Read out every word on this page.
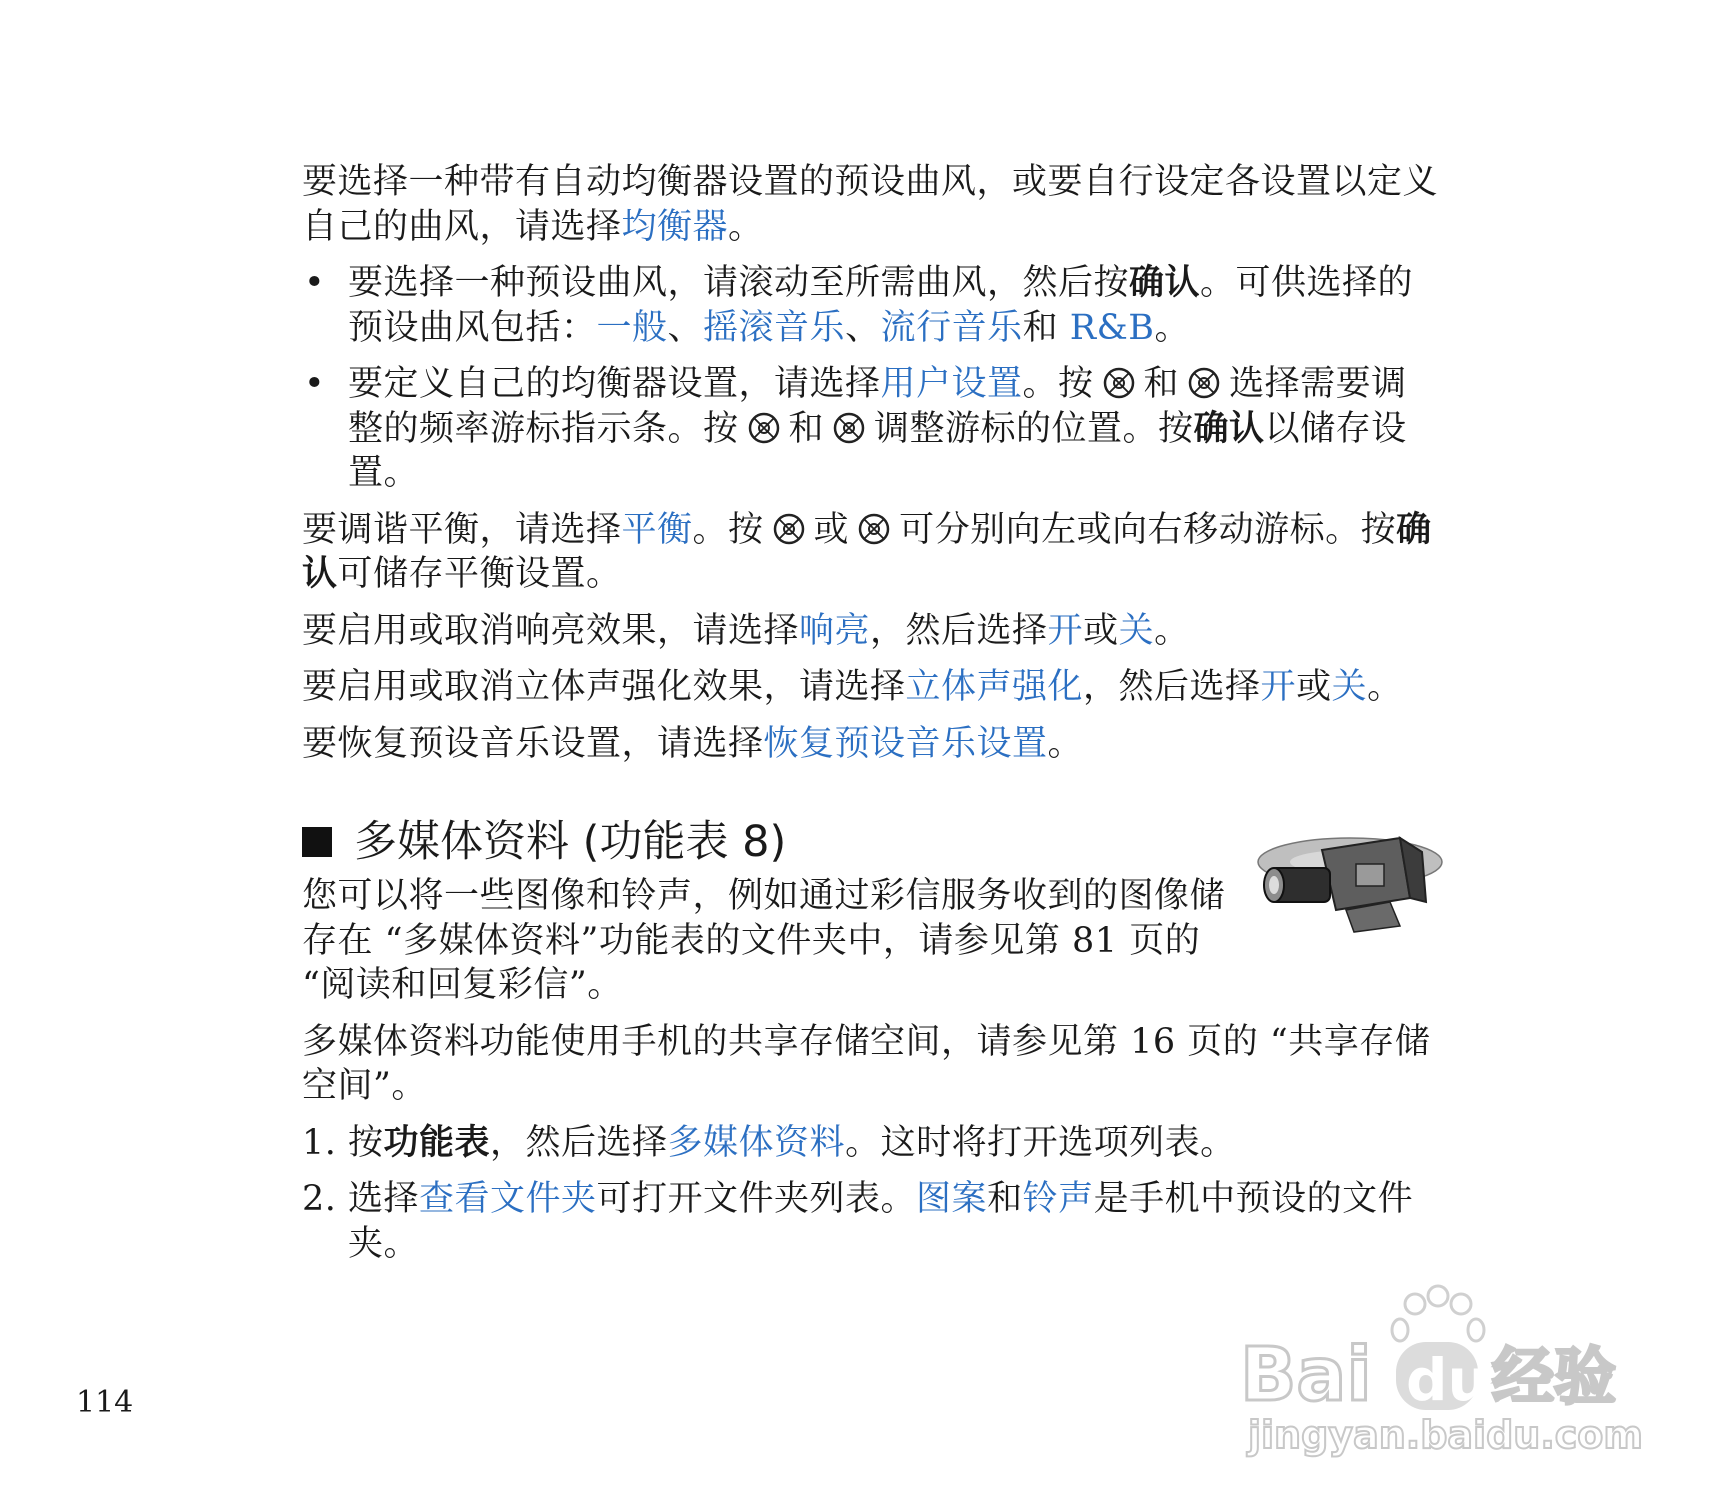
要选择一种带有自动均衡器设置的预设曲风，或要自行设定各设置以定义自己的曲风，请选择均衡器。

• 要选择一种预设曲风，请滚动至所需曲风，然后按确认。可供选择的预设曲风包括：一般、摇滚音乐、流行音乐和 R&B。
• 要定义自己的均衡器设置，请选择用户设置。按 和 选择需要调整的频率游标指示条。按 和 调整游标的位置。按确认以储存设置。

要调谐平衡，请选择平衡。按 或 可分别向左或向右移动游标。按确认可储存平衡设置。

要启用或取消响亮效果，请选择响亮，然后选择开或关。

要启用或取消立体声强化效果，请选择立体声强化，然后选择开或关。

要恢复预设音乐设置，请选择恢复预设音乐设置。

多媒体资料 (功能表 8)

您可以将一些图像和铃声，例如通过彩信服务收到的图像储存在 “多媒体资料”功能表的文件夹中，请参见第 81 页的 “阅读和回复彩信”。

多媒体资料功能使用手机的共享存储空间，请参见第 16 页的 “共享存储空间”。

1. 按功能表，然后选择多媒体资料。这时将打开选项列表。
2. 选择查看文件夹可打开文件夹列表。图案和铃声是手机中预设的文件夹。
114	Bai du 经验
jingyan.baidu.com
